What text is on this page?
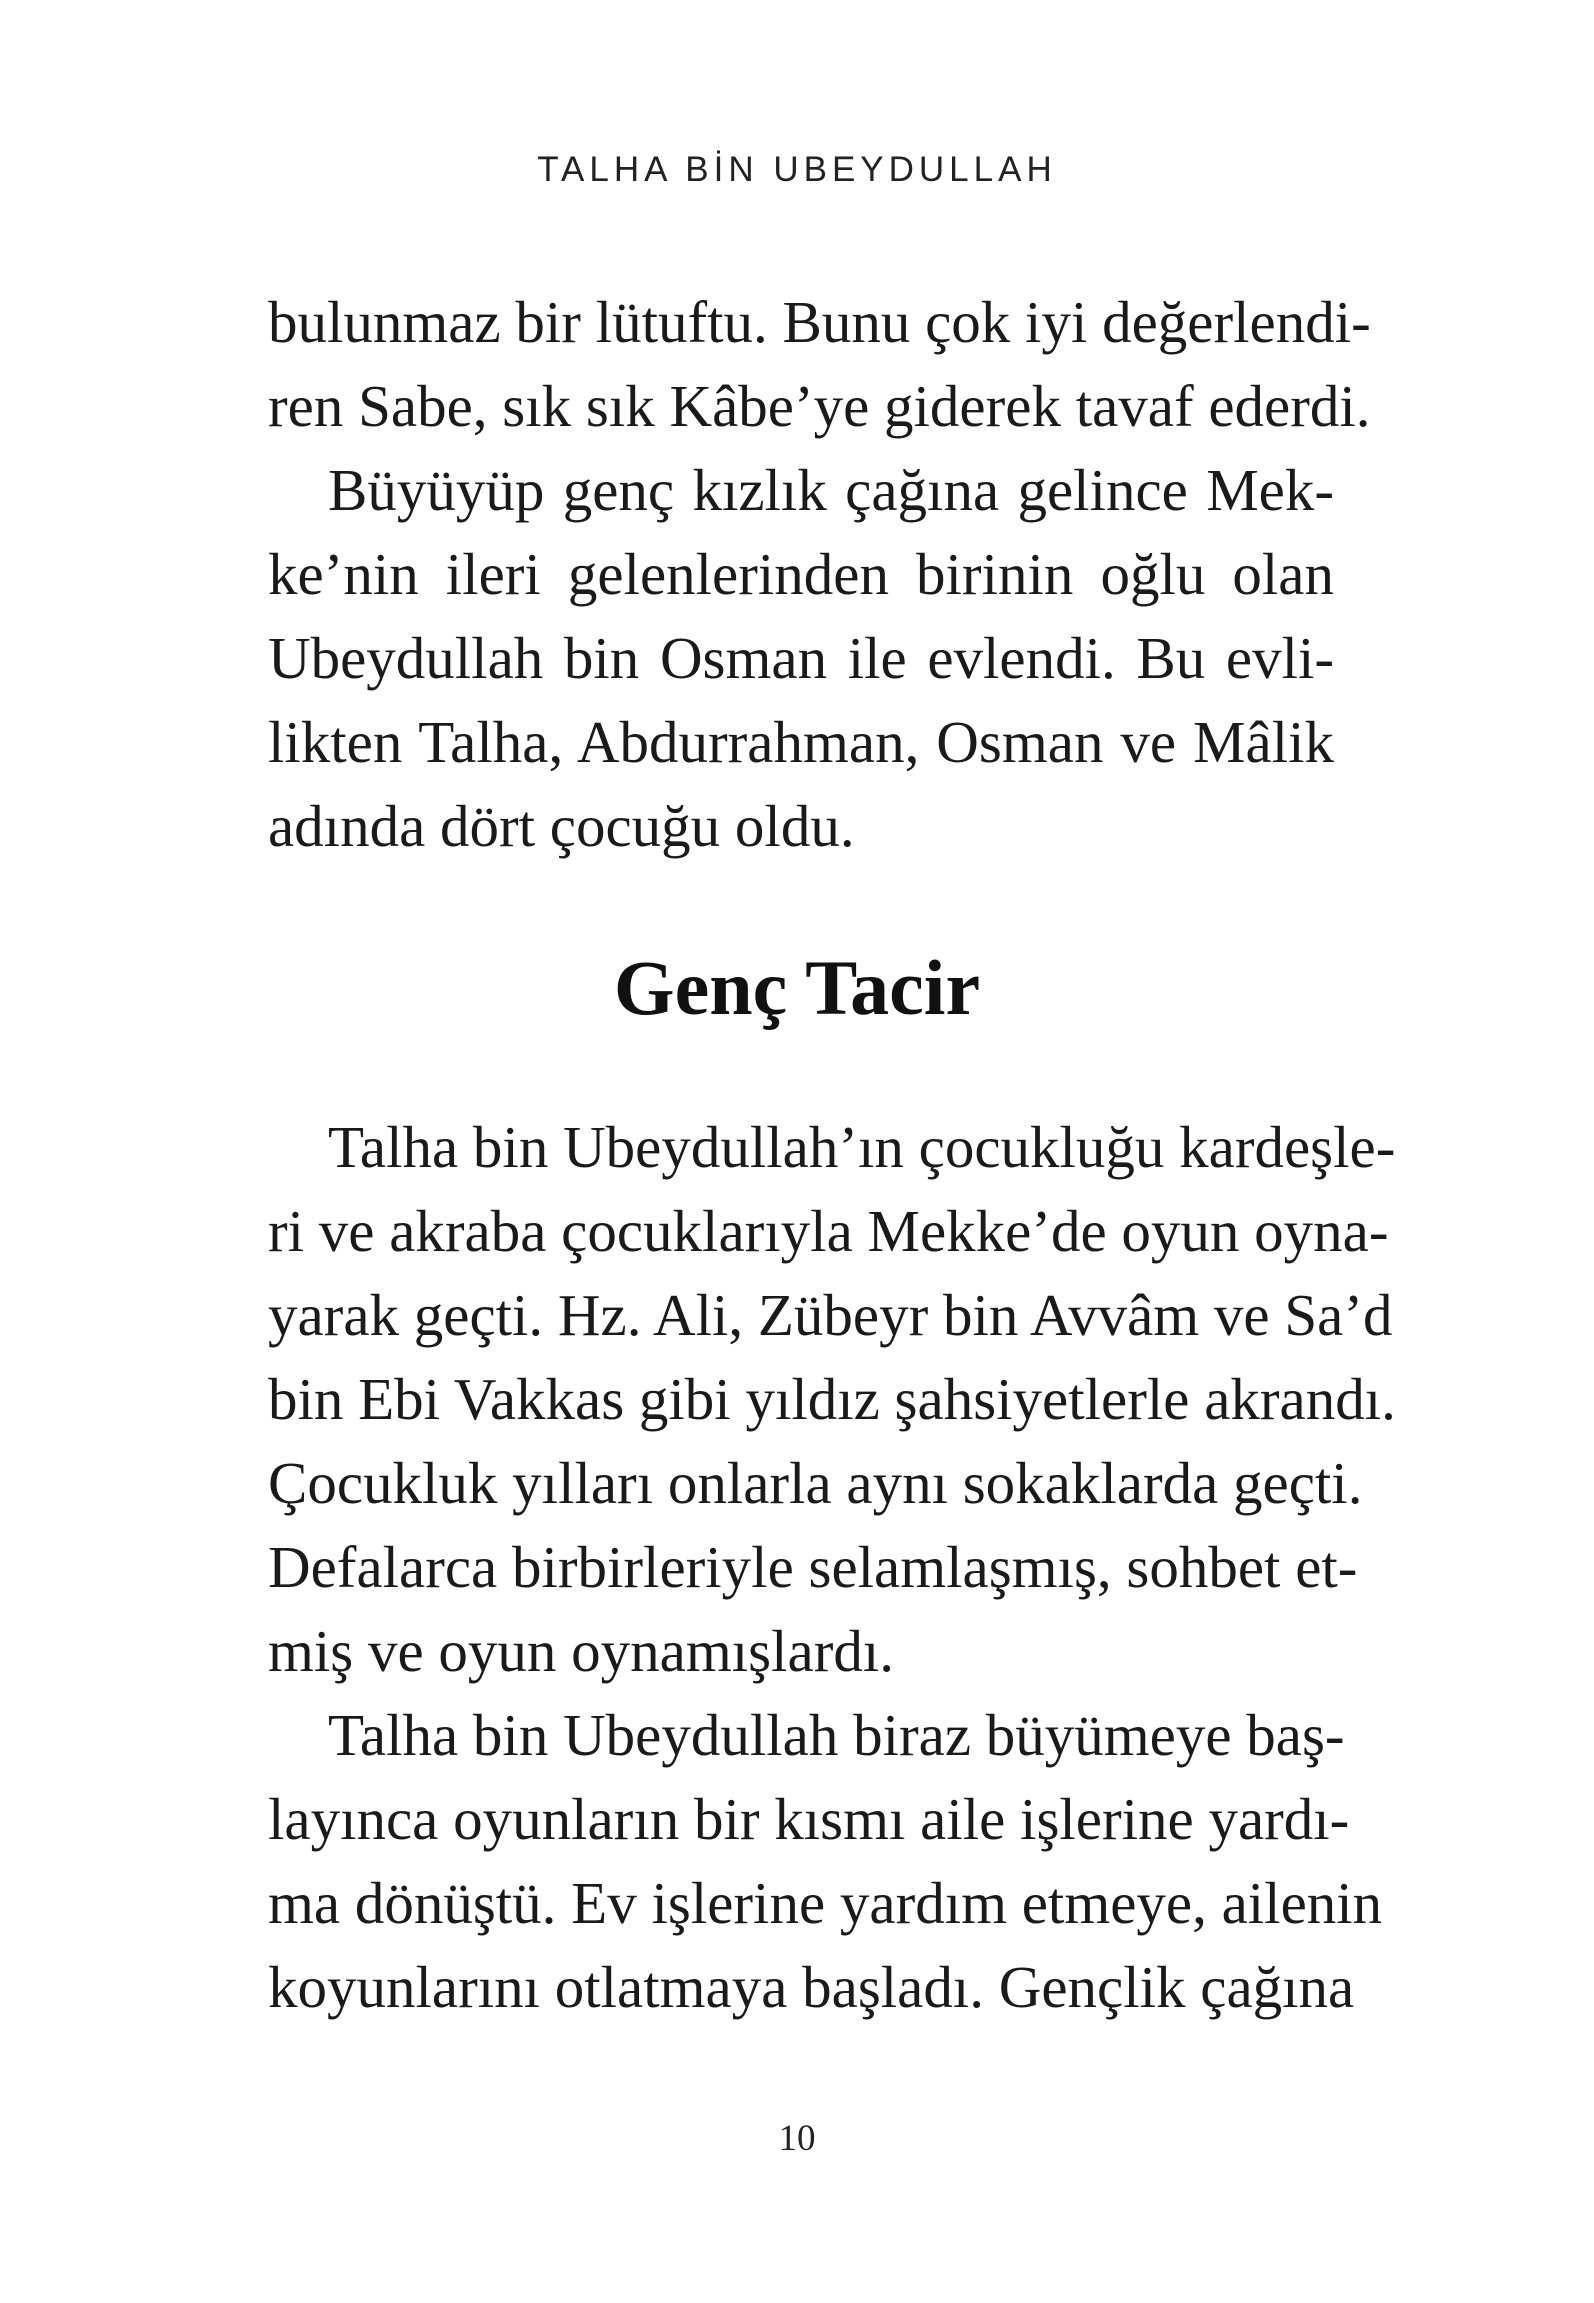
TALHA BİN UBEYDULLAH
bulunmaz bir lütuftu. Bunu çok iyi değerlendi-
ren Sabe, sık sık Kâbe’ye giderek tavaf ederdi.
Büyüyüp genç kızlık çağına gelince Mek-
ke’nin ileri gelenlerinden birinin oğlu olan
Ubeydullah bin Osman ile evlendi. Bu evli-
likten Talha, Abdurrahman, Osman ve Mâlik
adında dört çocuğu oldu.
Genç Tacir
Talha bin Ubeydullah’ın çocukluğu kardeşle-
ri ve akraba çocuklarıyla Mekke’de oyun oyna-
yarak geçti. Hz. Ali, Zübeyr bin Avvâm ve Sa’d
bin Ebi Vakkas gibi yıldız şahsiyetlerle akrandı.
Çocukluk yılları onlarla aynı sokaklarda geçti.
Defalarca birbirleriyle selamlaşmış, sohbet et-
miş ve oyun oynamışlardı.
Talha bin Ubeydullah biraz büyümeye baş-
layınca oyunların bir kısmı aile işlerine yardı-
ma dönüştü. Ev işlerine yardım etmeye, ailenin
koyunlarını otlatmaya başladı. Gençlik çağına
10
